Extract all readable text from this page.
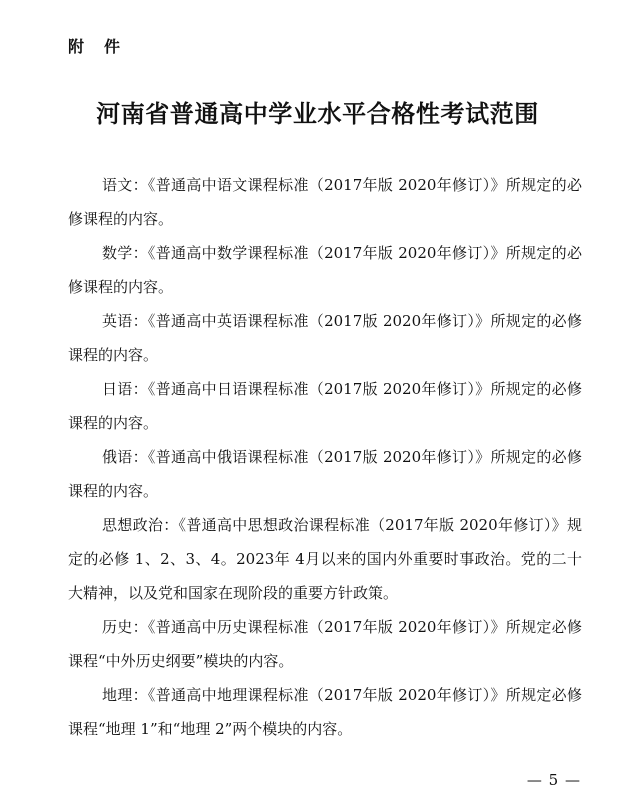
附　件
河南省普通高中学业水平合格性考试范围

语文：《普通高中语文课程标准（2017年版 2020年修订）》所规定的必修课程的内容。

数学：《普通高中数学课程标准（2017年版 2020年修订）》所规定的必修课程的内容。

英语：《普通高中英语课程标准（2017版 2020年修订）》所规定的必修课程的内容。

日语：《普通高中日语课程标准（2017版 2020年修订）》所规定的必修课程的内容。

俄语：《普通高中俄语课程标准（2017版 2020年修订）》所规定的必修课程的内容。

思想政治：《普通高中思想政治课程标准（2017年版 2020年修订）》规定的必修 1、2、3、4。2023年 4月以来的国内外重要时事政治。党的二十大精神，以及党和国家在现阶段的重要方针政策。

历史：《普通高中历史课程标准（2017年版 2020年修订）》所规定必修课程“中外历史纲要”模块的内容。

地理：《普通高中地理课程标准（2017年版 2020年修订）》所规定必修课程“地理 1”和“地理 2”两个模块的内容。

— 5 —
